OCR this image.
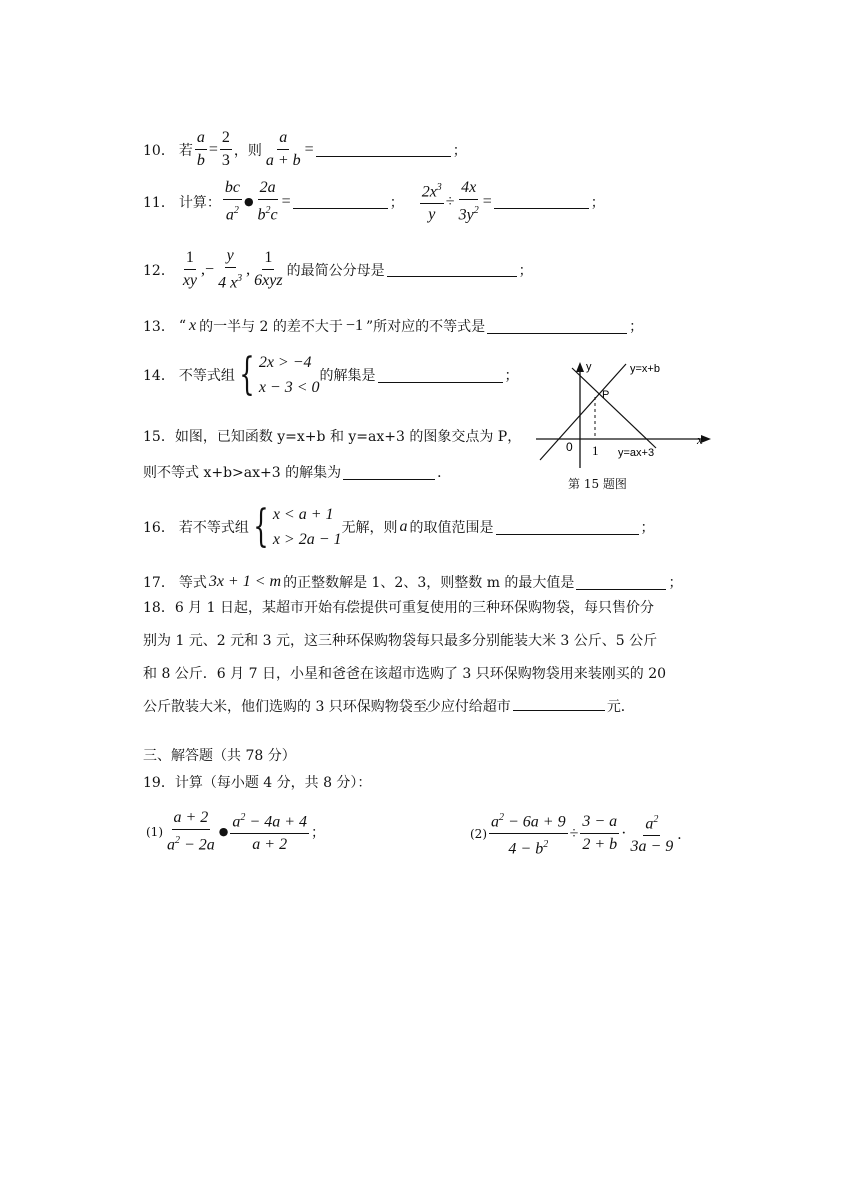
10． 若 $\frac{a}{b} = \frac{2}{3}$ ，则 $\frac{a}{a + b}$ =	；
11． 计算： $\frac{bc}{a^2}$ ● $\frac{2a}{b^2c}$ =	； $\frac{2x^3}{y} \div \frac{4x}{3y^2}$ =	；
12． $\frac{1}{xy}$ , − $\frac{y}{4 x^3}$ , $\frac{1}{\text{6xyz}}$ 的最简公分母是	；
13． “ x 的一半与 2 的差不大于 −1 ”所对应的不等式是	；
14． 不等式组 { 2x > −4
x − 3 < 0
的解集是	；
15．如图，已知函数 y=x+b 和 y=ax+3 的图象交点为 P，
则不等式 x+b>ax+3 的解集为	．
y
x
0 1
P
y=x+b
y=ax+3
第 15 题图
16． 若不等式组 { x < a + 1
x > 2a − 1
无解，则 a 的取值范围是	；
17． 等式 3x + 1 < m 的正整数解是 1、2、3，则整数 m 的最大值是	；
18．6 月 1 日起，某超市开始有偿 ·提供可重复使用的三种环保购物袋，每只售价分
别为 1 元、2 元和 3 元，这三种环保购物袋每只最多分别能装大米 3 公斤、5 公斤
和 8 公斤．6 月 7 日，小星和爸爸在该超市选购了 3 只环保购物袋用来装刚买的 20
公斤散装大米，他们选购的 3 只环保购物袋至少 ·应付给超市	元．
三、解答题（共 78 分）
19．计算（每小题 4 分，共 8 分）：
$(1) \frac{a + 2}{a^2 - 2a}$ ● $\frac{a^2 - 4a + 4}{a + 2}$ ；	$(2) \frac{a^2 - 6a + 9}{4 - b^2} \div \frac{3 - a}{2 + b} \cdot \frac{a^2}{3a - 9}$ ．
